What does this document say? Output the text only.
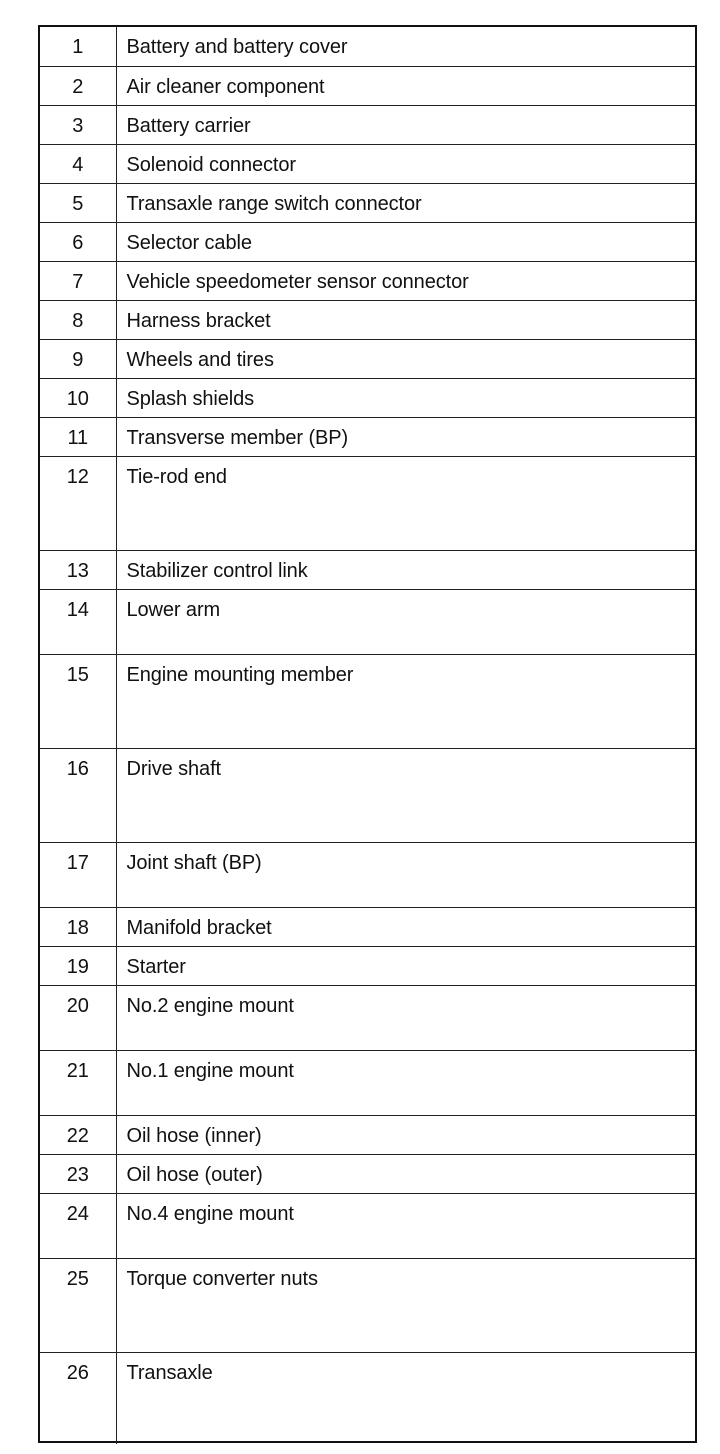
1	Battery and battery cover
2	Air cleaner component
3	Battery carrier
4	Solenoid connector
5	Transaxle range switch connector
6	Selector cable
7	Vehicle speedometer sensor connector
8	Harness bracket
9	Wheels and tires
10	Splash shields
11	Transverse member (BP)
12	Tie-rod end
13	Stabilizer control link
14	Lower arm
15	Engine mounting member
16	Drive shaft
17	Joint shaft (BP)
18	Manifold bracket
19	Starter
20	No.2 engine mount
21	No.1 engine mount
22	Oil hose (inner)
23	Oil hose (outer)
24	No.4 engine mount
25	Torque converter nuts
26	Transaxle
